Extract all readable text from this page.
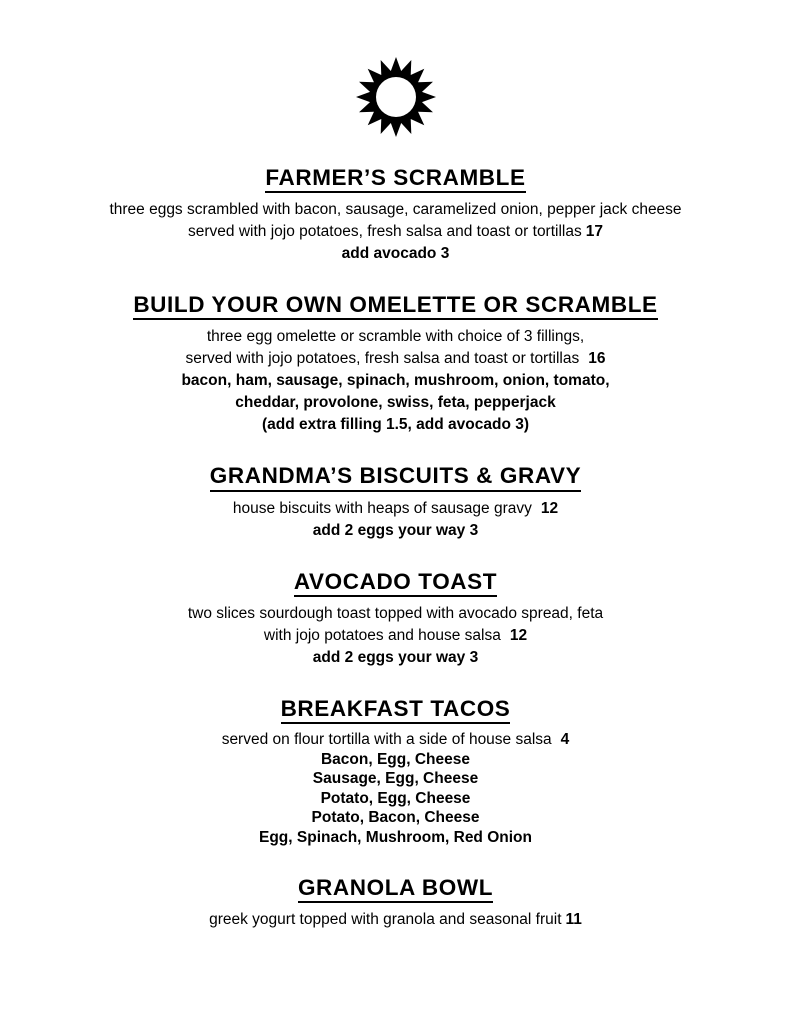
FARMER’S SCRAMBLE

three eggs scrambled with bacon, sausage, caramelized onion, pepper jack cheese

served with jojo potatoes, fresh salsa and toast or tortillas 17

add avocado 3

BUILD YOUR OWN OMELETTE OR SCRAMBLE

three egg omelette or scramble with choice of 3 fillings,

served with jojo potatoes, fresh salsa and toast or tortillas 16

bacon, ham, sausage, spinach, mushroom, onion, tomato,

cheddar, provolone, swiss, feta, pepperjack

(add extra filling 1.5, add avocado 3)

GRANDMA’S BISCUITS & GRAVY

house biscuits with heaps of sausage gravy 12

add 2 eggs your way 3

AVOCADO TOAST

two slices sourdough toast topped with avocado spread, feta

with jojo potatoes and house salsa 12

add 2 eggs your way 3

BREAKFAST TACOS

served on flour tortilla with a side of house salsa 4

Bacon, Egg, Cheese

Sausage, Egg, Cheese

Potato, Egg, Cheese

Potato, Bacon, Cheese

Egg, Spinach, Mushroom, Red Onion

GRANOLA BOWL

greek yogurt topped with granola and seasonal fruit 11
